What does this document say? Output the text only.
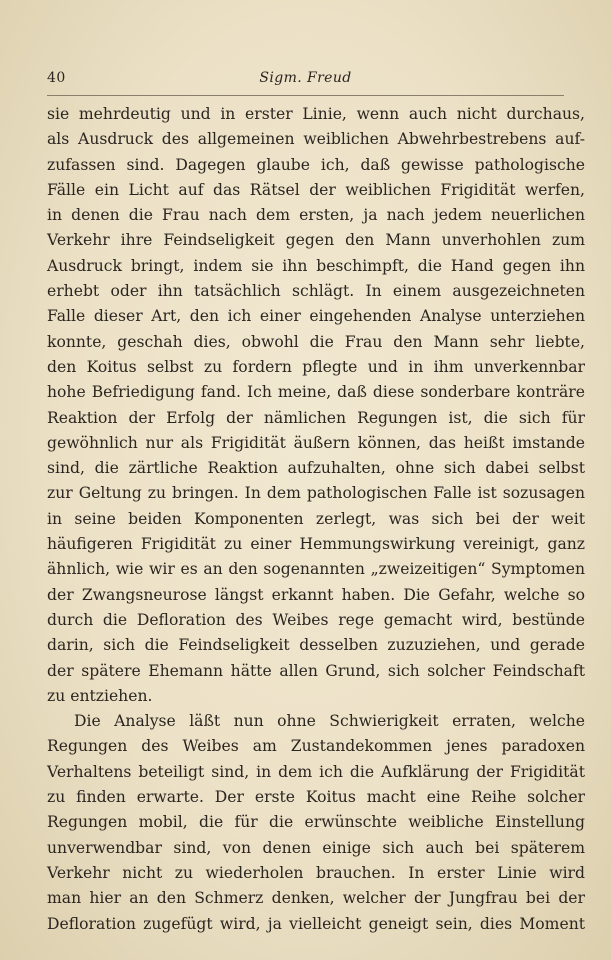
40	Sigm. Freud
sie mehrdeutig und in erster Linie, wenn auch nicht durchaus,
als Ausdruck des allgemeinen weiblichen Abwehrbestrebens auf-
zufassen sind. Dagegen glaube ich, daß gewisse pathologische
Fälle ein Licht auf das Rätsel der weiblichen Frigidität werfen,
in denen die Frau nach dem ersten, ja nach jedem neuerlichen
Verkehr ihre Feindseligkeit gegen den Mann unverhohlen zum
Ausdruck bringt, indem sie ihn beschimpft, die Hand gegen ihn
erhebt oder ihn tatsächlich schlägt. In einem ausgezeichneten
Falle dieser Art, den ich einer eingehenden Analyse unterziehen
konnte, geschah dies, obwohl die Frau den Mann sehr liebte,
den Koitus selbst zu fordern pflegte und in ihm unverkennbar
hohe Befriedigung fand. Ich meine, daß diese sonderbare konträre
Reaktion der Erfolg der nämlichen Regungen ist, die sich für
gewöhnlich nur als Frigidität äußern können, das heißt imstande
sind, die zärtliche Reaktion aufzuhalten, ohne sich dabei selbst
zur Geltung zu bringen. In dem pathologischen Falle ist sozusagen
in seine beiden Komponenten zerlegt, was sich bei der weit
häufigeren Frigidität zu einer Hemmungswirkung vereinigt, ganz
ähnlich, wie wir es an den sogenannten „zweizeitigen“ Symptomen
der Zwangsneurose längst erkannt haben. Die Gefahr, welche so
durch die Defloration des Weibes rege gemacht wird, bestünde
darin, sich die Feindseligkeit desselben zuzuziehen, und gerade
der spätere Ehemann hätte allen Grund, sich solcher Feindschaft
zu entziehen.
Die Analyse läßt nun ohne Schwierigkeit erraten, welche
Regungen des Weibes am Zustandekommen jenes paradoxen
Verhaltens beteiligt sind, in dem ich die Aufklärung der Frigidität
zu finden erwarte. Der erste Koitus macht eine Reihe solcher
Regungen mobil, die für die erwünschte weibliche Einstellung
unverwendbar sind, von denen einige sich auch bei späterem
Verkehr nicht zu wiederholen brauchen. In erster Linie wird
man hier an den Schmerz denken, welcher der Jungfrau bei der
Defloration zugefügt wird, ja vielleicht geneigt sein, dies Moment
